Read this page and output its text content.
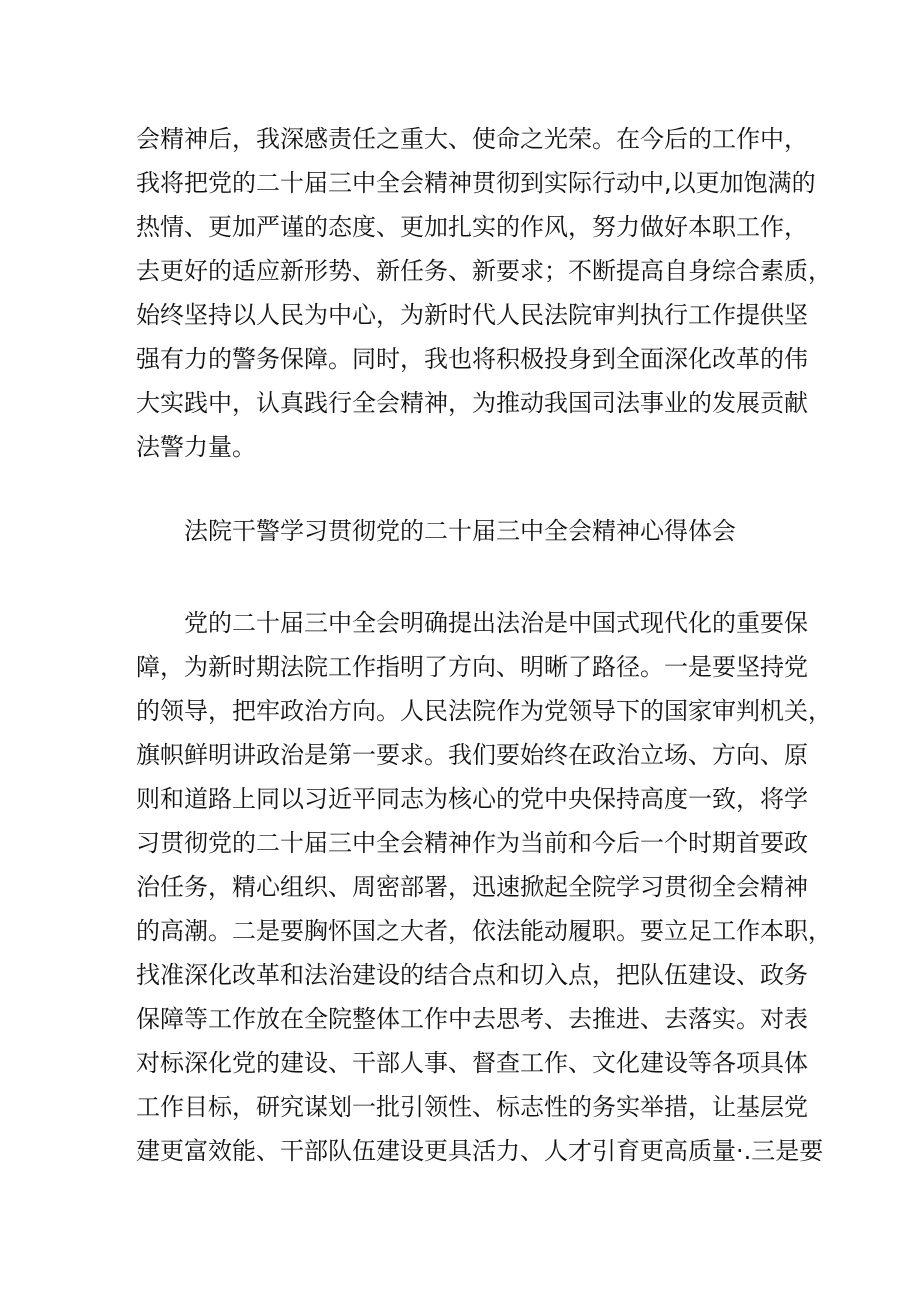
会精神后，我深感责任之重大、使命之光荣。在今后的工作中，
我将把党的二十届三中全会精神贯彻到实际行动中,以更加饱满的
热情、更加严谨的态度、更加扎实的作风，努力做好本职工作，
去更好的适应新形势、新任务、新要求；不断提高自身综合素质，
始终坚持以人民为中心，为新时代人民法院审判执行工作提供坚
强有力的警务保障。同时，我也将积极投身到全面深化改革的伟
大实践中，认真践行全会精神，为推动我国司法事业的发展贡献
法警力量。
法院干警学习贯彻党的二十届三中全会精神心得体会
党的二十届三中全会明确提出法治是中国式现代化的重要保
障，为新时期法院工作指明了方向、明晰了路径。一是要坚持党
的领导，把牢政治方向。人民法院作为党领导下的国家审判机关，
旗帜鲜明讲政治是第一要求。我们要始终在政治立场、方向、原
则和道路上同以习近平同志为核心的党中央保持高度一致，将学
习贯彻党的二十届三中全会精神作为当前和今后一个时期首要政
治任务，精心组织、周密部署，迅速掀起全院学习贯彻全会精神
的高潮。二是要胸怀国之大者，依法能动履职。要立足工作本职，
找准深化改革和法治建设的结合点和切入点，把队伍建设、政务
保障等工作放在全院整体工作中去思考、去推进、去落实。对表
对标深化党的建设、干部人事、督查工作、文化建设等各项具体
工作目标，研究谋划一批引领性、标志性的务实举措，让基层党
建更富效能、干部队伍建设更具活力、人才引育更高质量·.三是要
